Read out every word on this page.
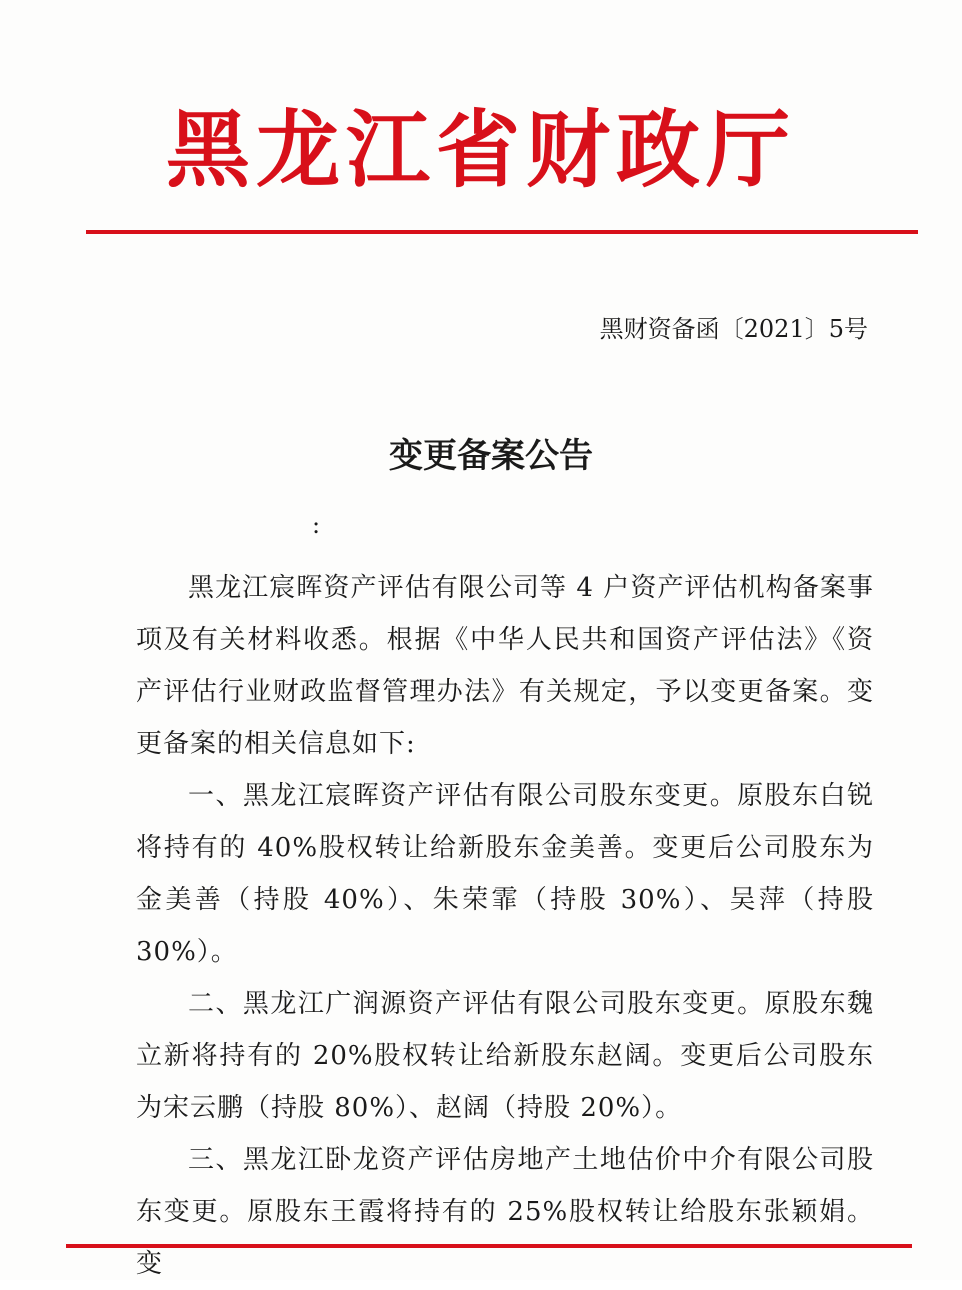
黑龙江省财政厅
黑财资备函〔2021〕5号
变更备案公告
:

黑龙江宸晖资产评估有限公司等 4 户资产评估机构备案事项及有关材料收悉。根据《中华人民共和国资产评估法》《资产评估行业财政监督管理办法》有关规定，予以变更备案。变更备案的相关信息如下:

一、黑龙江宸晖资产评估有限公司股东变更。原股东白锐将持有的 40%股权转让给新股东金美善。变更后公司股东为金美善（持股 40%）、朱荣霏（持股 30%）、吴萍（持股 30%）。

二、黑龙江广润源资产评估有限公司股东变更。原股东魏立新将持有的 20%股权转让给新股东赵阔。变更后公司股东为宋云鹏（持股 80%）、赵阔（持股 20%）。

三、黑龙江卧龙资产评估房地产土地估价中介有限公司股东变更。原股东王霞将持有的 25%股权转让给股东张颖娟。变
